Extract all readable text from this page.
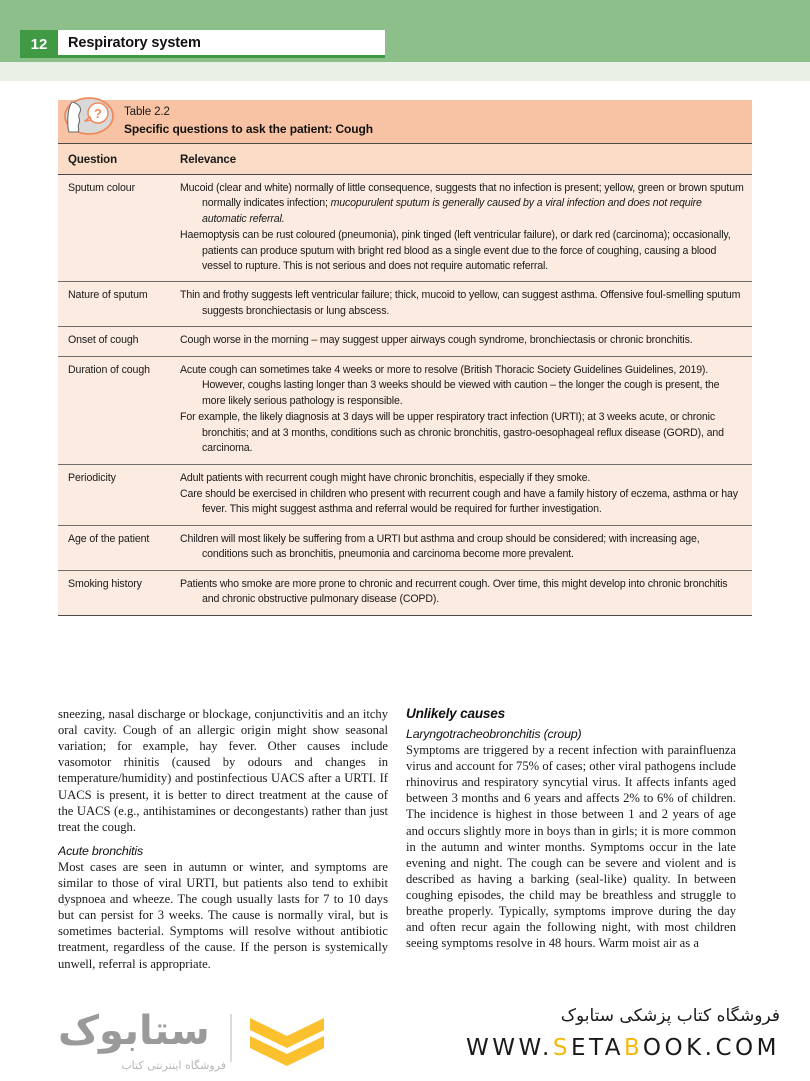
12	Respiratory system
? Table 2.2
Specific questions to ask the patient: Cough
Question	Relevance
Sputum colour	Mucoid (clear and white) normally of little consequence, suggests that no infection is present; yellow, green or brown sputum normally indicates infection; mucopurulent sputum is generally caused by a viral infection and does not require automatic referral.

Haemoptysis can be rust coloured (pneumonia), pink tinged (left ventricular failure), or dark red (carcinoma); occasionally, patients can produce sputum with bright red blood as a single event due to the force of coughing, causing a blood vessel to rupture. This is not serious and does not require automatic referral.

Nature of sputum	Thin and frothy suggests left ventricular failure; thick, mucoid to yellow, can suggest asthma. Offensive foul-smelling sputum suggests bronchiectasis or lung abscess.

Onset of cough	Cough worse in the morning – may suggest upper airways cough syndrome, bronchiectasis or chronic bronchitis.

Duration of cough	Acute cough can sometimes take 4 weeks or more to resolve (British Thoracic Society Guidelines Guidelines, 2019). However, coughs lasting longer than 3 weeks should be viewed with caution – the longer the cough is present, the more likely serious pathology is responsible.

For example, the likely diagnosis at 3 days will be upper respiratory tract infection (URTI); at 3 weeks acute, or chronic bronchitis; and at 3 months, conditions such as chronic bronchitis, gastro-oesophageal reflux disease (GORD), and carcinoma.

Periodicity	Adult patients with recurrent cough might have chronic bronchitis, especially if they smoke.

Care should be exercised in children who present with recurrent cough and have a family history of eczema, asthma or hay fever. This might suggest asthma and referral would be required for further investigation.

Age of the patient	Children will most likely be suffering from a URTI but asthma and croup should be considered; with increasing age, conditions such as bronchitis, pneumonia and carcinoma become more prevalent.

Smoking history	Patients who smoke are more prone to chronic and recurrent cough. Over time, this might develop into chronic bronchitis and chronic obstructive pulmonary disease (COPD).

sneezing, nasal discharge or blockage, conjunctivitis and an itchy oral cavity. Cough of an allergic origin might show seasonal variation; for example, hay fever. Other causes include vasomotor rhinitis (caused by odours and changes in temperature/humidity) and postinfectious UACS after a URTI. If UACS is present, it is better to direct treatment at the cause of the UACS (e.g., antihistamines or decongestants) rather than just treat the cough.

Acute bronchitis

Most cases are seen in autumn or winter, and symptoms are similar to those of viral URTI, but patients also tend to exhibit dyspnoea and wheeze. The cough usually lasts for 7 to 10 days but can persist for 3 weeks. The cause is normally viral, but is sometimes bacterial. Symptoms will resolve without antibiotic treatment, regardless of the cause. If the person is systemically unwell, referral is appropriate.

Unlikely causes
Laryngotracheobronchitis (croup)

Symptoms are triggered by a recent infection with parainfluenza virus and account for 75% of cases; other viral pathogens include rhinovirus and respiratory syncytial virus. It affects infants aged between 3 months and 6 years and affects 2% to 6% of children. The incidence is highest in those between 1 and 2 years of age and occurs slightly more in boys than in girls; it is more common in the autumn and winter months. Symptoms occur in the late evening and night. The cough can be severe and violent and is described as having a barking (seal-like) quality. In between coughing episodes, the child may be breathless and struggle to breathe properly. Typically, symptoms improve during the day and often recur again the following night, with most children seeing symptoms resolve in 48 hours. Warm moist air as a

ستابوک
فروشگاه اینترنتی کتاب
فروشگاه کتاب پزشکی ستابوک
WWW.SETABOOK.COM
